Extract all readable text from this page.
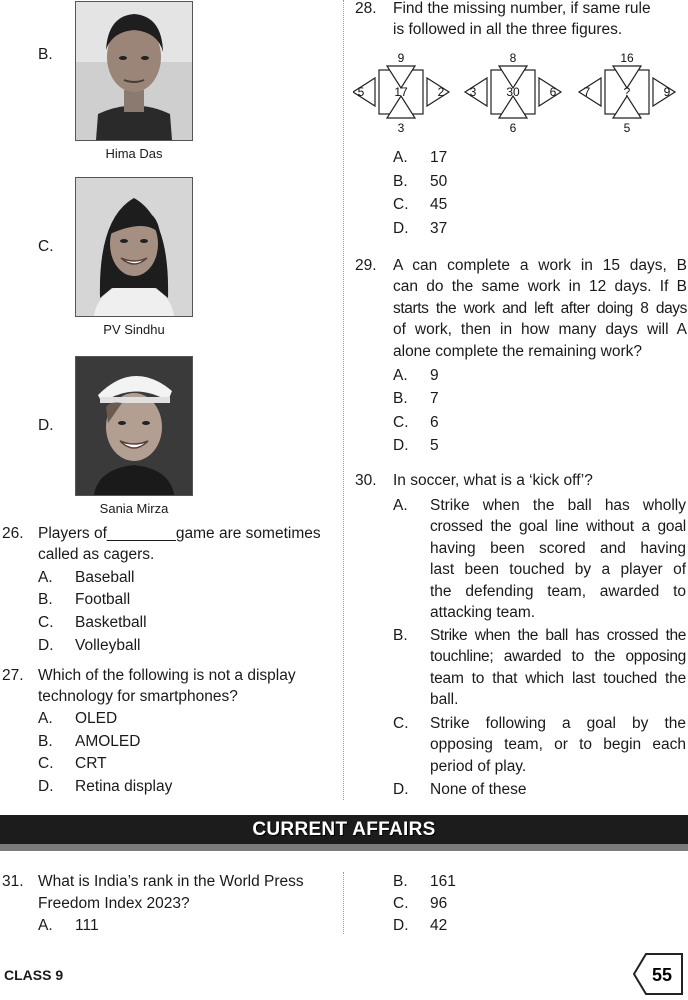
B.
Hima Das
C.
PV Sindhu
D.
Sania Mirza
26. Players of________game are sometimes
called as cagers.
A. Baseball
B. Football
C. Basketball
D. Volleyball
27. Which of the following is not a display
technology for smartphones?
A. OLED
B. AMOLED
C. CRT
D. Retina display
28. Find the missing number, if same rule
is followed in all the three figures.
9
17
3
5	2
8
30
6
3	6
16
?
5
7	9
A. 17
B. 50
C. 45
D. 37
29. A can complete a work in 15 days, B
can do the same work in 12 days. If B
starts the work and left after doing 8 days
of work, then in how many days will A
alone complete the remaining work?
A. 9
B. 7
C. 6
D. 5
30. In soccer, what is a ‘kick off’?
A. Strike when the ball has wholly
crossed the goal line without a goal
having been scored and having
last been touched by a player of
the defending team, awarded to
attacking team.
B. Strike when the ball has crossed the
touchline; awarded to the opposing
team to that which last touched the
ball.
C. Strike following a goal by the
opposing team, or to begin each
period of play.
D. None of these
CURRENT AFFAIRS
31. What is India’s rank in the World Press
Freedom Index 2023?
A. 111
B. 161
C. 96
D. 42
CLASS 9	55
